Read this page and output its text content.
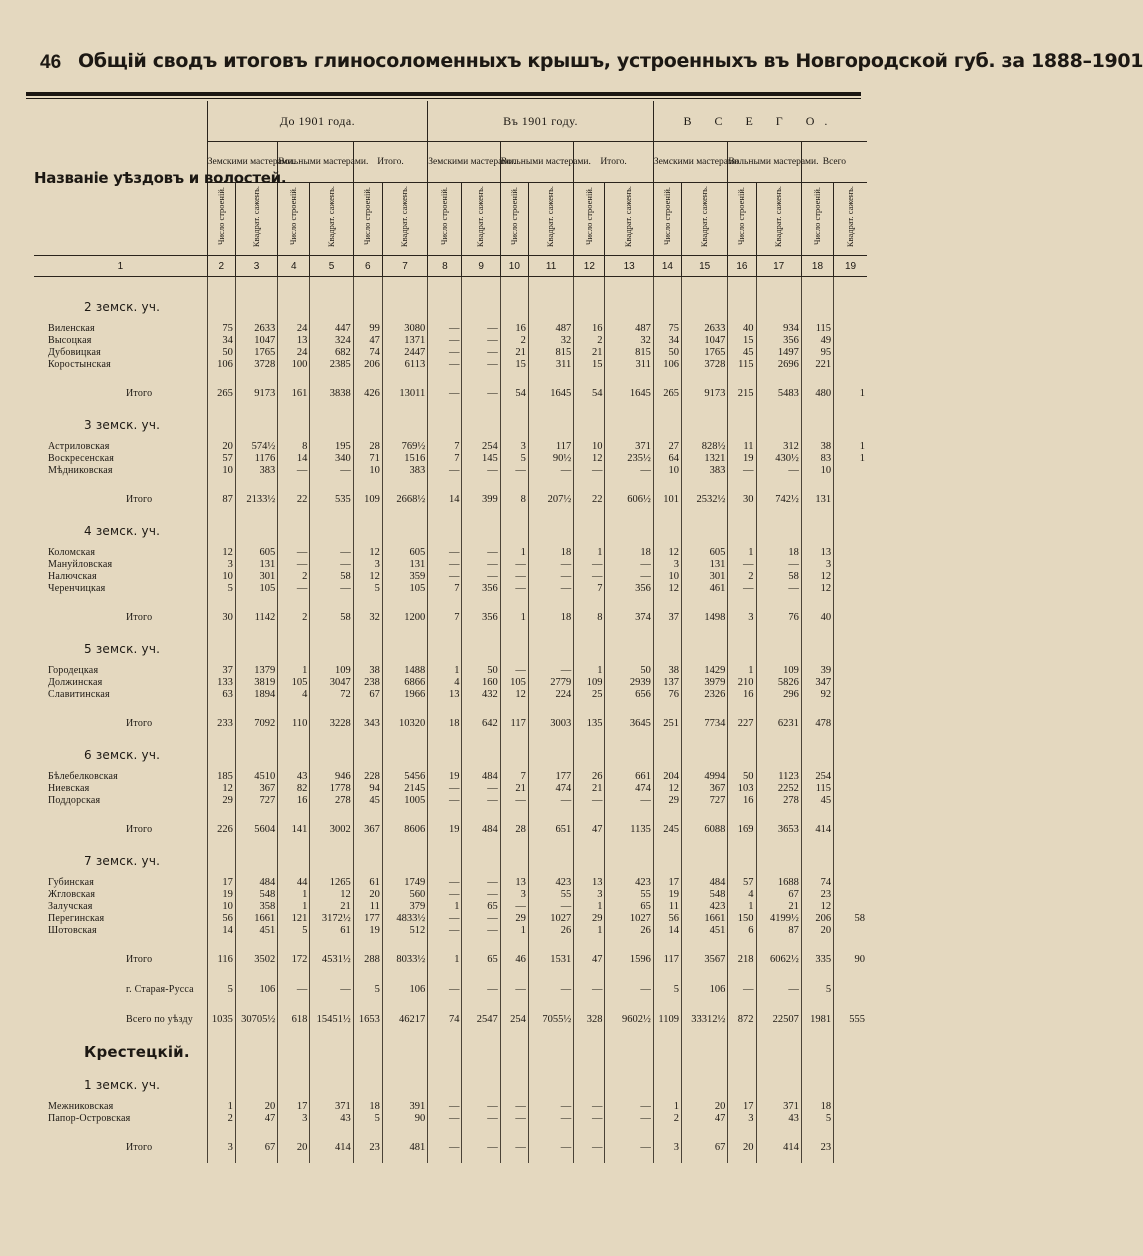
46 Общій сводъ итоговъ глиносоломенныхъ крышъ, устроенныхъ въ Новгородской губ. за 1888–1901
Названіе уѣздовъ и волостей.	До 1901 года.						Въ 1901 году.						В С Е Г О.					
	Земскими мастерами.		Вольными мастерами.		Итого.		Земскими мастерами.		Вольными мастерами.		Итого.		Земскими мастерами.		Вольными мастерами.		Всего	
	Число строеній.	Квадрат. саженъ.	Число строеній.	Квадрат. саженъ.	Число строеній.	Квадрат. саженъ.	Число строеній.	Квадрат. саженъ.	Число строеній.	Квадрат. саженъ.	Число строеній.	Квадрат. саженъ.	Число строеній.	Квадрат. саженъ.	Число строеній.	Квадрат. саженъ.	Число строеній.	Квадрат. саженъ.
1	2	3	4	5	6	7	8	9	10	11	12	13	14	15	16	17	18	19

2 земск. уч.																		
Виленская	75	2633	24	447	99	3080	—	—	16	487	16	487	75	2633	40	934	115	
Высоцкая	34	1047	13	324	47	1371	—	—	2	32	2	32	34	1047	15	356	49	
Дубовицкая	50	1765	24	682	74	2447	—	—	21	815	21	815	50	1765	45	1497	95	
Коростынская	106	3728	100	2385	206	6113	—	—	15	311	15	311	106	3728	115	2696	221	

Итого	265	9173	161	3838	426	13011	—	—	54	1645	54	1645	265	9173	215	5483	480	1
3 земск. уч.																		
Астриловская	20	574½	8	195	28	769½	7	254	3	117	10	371	27	828½	11	312	38	1
Воскресенская	57	1176	14	340	71	1516	7	145	5	90½	12	235½	64	1321	19	430½	83	1
Мѣдниковская	10	383	—	—	10	383	—	—	—	—	—	—	10	383	—	—	10	

Итого	87	2133½	22	535	109	2668½	14	399	8	207½	22	606½	101	2532½	30	742½	131	
4 земск. уч.																		
Коломская	12	605	—	—	12	605	—	—	1	18	1	18	12	605	1	18	13	
Мануйловская	3	131	—	—	3	131	—	—	—	—	—	—	3	131	—	—	3	
Налючская	10	301	2	58	12	359	—	—	—	—	—	—	10	301	2	58	12	
Черенчицкая	5	105	—	—	5	105	7	356	—	—	7	356	12	461	—	—	12	

Итого	30	1142	2	58	32	1200	7	356	1	18	8	374	37	1498	3	76	40	
5 земск. уч.																		
Городецкая	37	1379	1	109	38	1488	1	50	—	—	1	50	38	1429	1	109	39	
Должинская	133	3819	105	3047	238	6866	4	160	105	2779	109	2939	137	3979	210	5826	347	
Славитинская	63	1894	4	72	67	1966	13	432	12	224	25	656	76	2326	16	296	92	

Итого	233	7092	110	3228	343	10320	18	642	117	3003	135	3645	251	7734	227	6231	478	
6 земск. уч.																		
Бѣлебелковская	185	4510	43	946	228	5456	19	484	7	177	26	661	204	4994	50	1123	254	
Ниевская	12	367	82	1778	94	2145	—	—	21	474	21	474	12	367	103	2252	115	
Поддорская	29	727	16	278	45	1005	—	—	—	—	—	—	29	727	16	278	45	

Итого	226	5604	141	3002	367	8606	19	484	28	651	47	1135	245	6088	169	3653	414	
7 земск. уч.																		
Губинская	17	484	44	1265	61	1749	—	—	13	423	13	423	17	484	57	1688	74	
Жгловская	19	548	1	12	20	560	—	—	3	55	3	55	19	548	4	67	23	
Залучская	10	358	1	21	11	379	1	65	—	—	1	65	11	423	1	21	12	
Перегинская	56	1661	121	3172½	177	4833½	—	—	29	1027	29	1027	56	1661	150	4199½	206	58
Шотовская	14	451	5	61	19	512	—	—	1	26	1	26	14	451	6	87	20	

Итого	116	3502	172	4531½	288	8033½	1	65	46	1531	47	1596	117	3567	218	6062½	335	90
г. Старая-Русса	5	106	—	—	5	106	—	—	—	—	—	—	5	106	—	—	5	
Всего по уѣзду	1035	30705½	618	15451½	1653	46217	74	2547	254	7055½	328	9602½	1109	33312½	872	22507	1981	555
Крестецкій.																		
1 земск. уч.																		
Межниковская	1	20	17	371	18	391	—	—	—	—	—	—	1	20	17	371	18	
Папор-Островская	2	47	3	43	5	90	—	—	—	—	—	—	2	47	3	43	5	

Итого	3	67	20	414	23	481	—	—	—	—	—	—	3	67	20	414	23	
